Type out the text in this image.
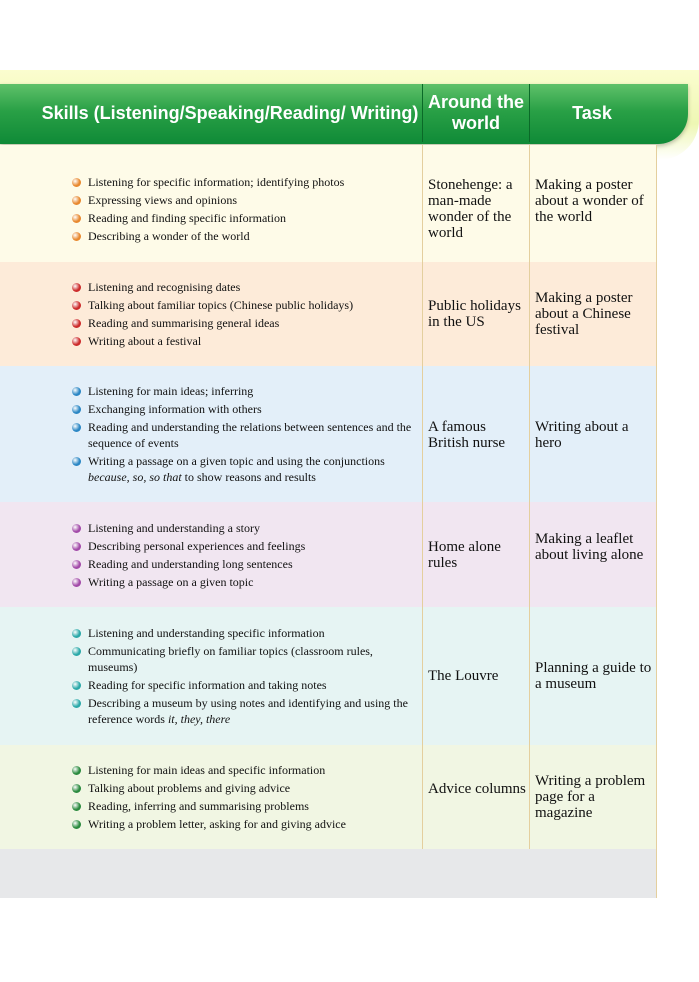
Skills (Listening/Speaking/Reading/ Writing)
Around the world
Task
Listening for specific information; identifying photos
Expressing views and opinions
Reading and finding specific information
Describing a wonder of the world
Stonehenge: a man-made wonder of the world
Making a poster about a wonder of the world
Listening and recognising dates
Talking about familiar topics (Chinese public holidays)
Reading and summarising general ideas
Writing about a festival
Public holidays in the US
Making a poster about a Chinese festival
Listening for main ideas; inferring
Exchanging information with others
Reading and understanding the relations between sentences and the sequence of events
Writing a passage on a given topic and using the conjunctions because, so, so that to show reasons and results
A famous British nurse
Writing about a hero
Listening and understanding a story
Describing personal experiences and feelings
Reading and understanding long sentences
Writing a passage on a given topic
Home alone rules
Making a leaflet about living alone
Listening and understanding specific information
Communicating briefly on familiar topics (classroom rules, museums)
Reading for specific information and taking notes
Describing a museum by using notes and identifying and using the reference words it, they, there
The Louvre	Planning a guide to a museum
Listening for main ideas and specific information
Talking about problems and giving advice
Reading, inferring and summarising problems
Writing a problem letter, asking for and giving advice
Advice columns Writing a problem page for a magazine
